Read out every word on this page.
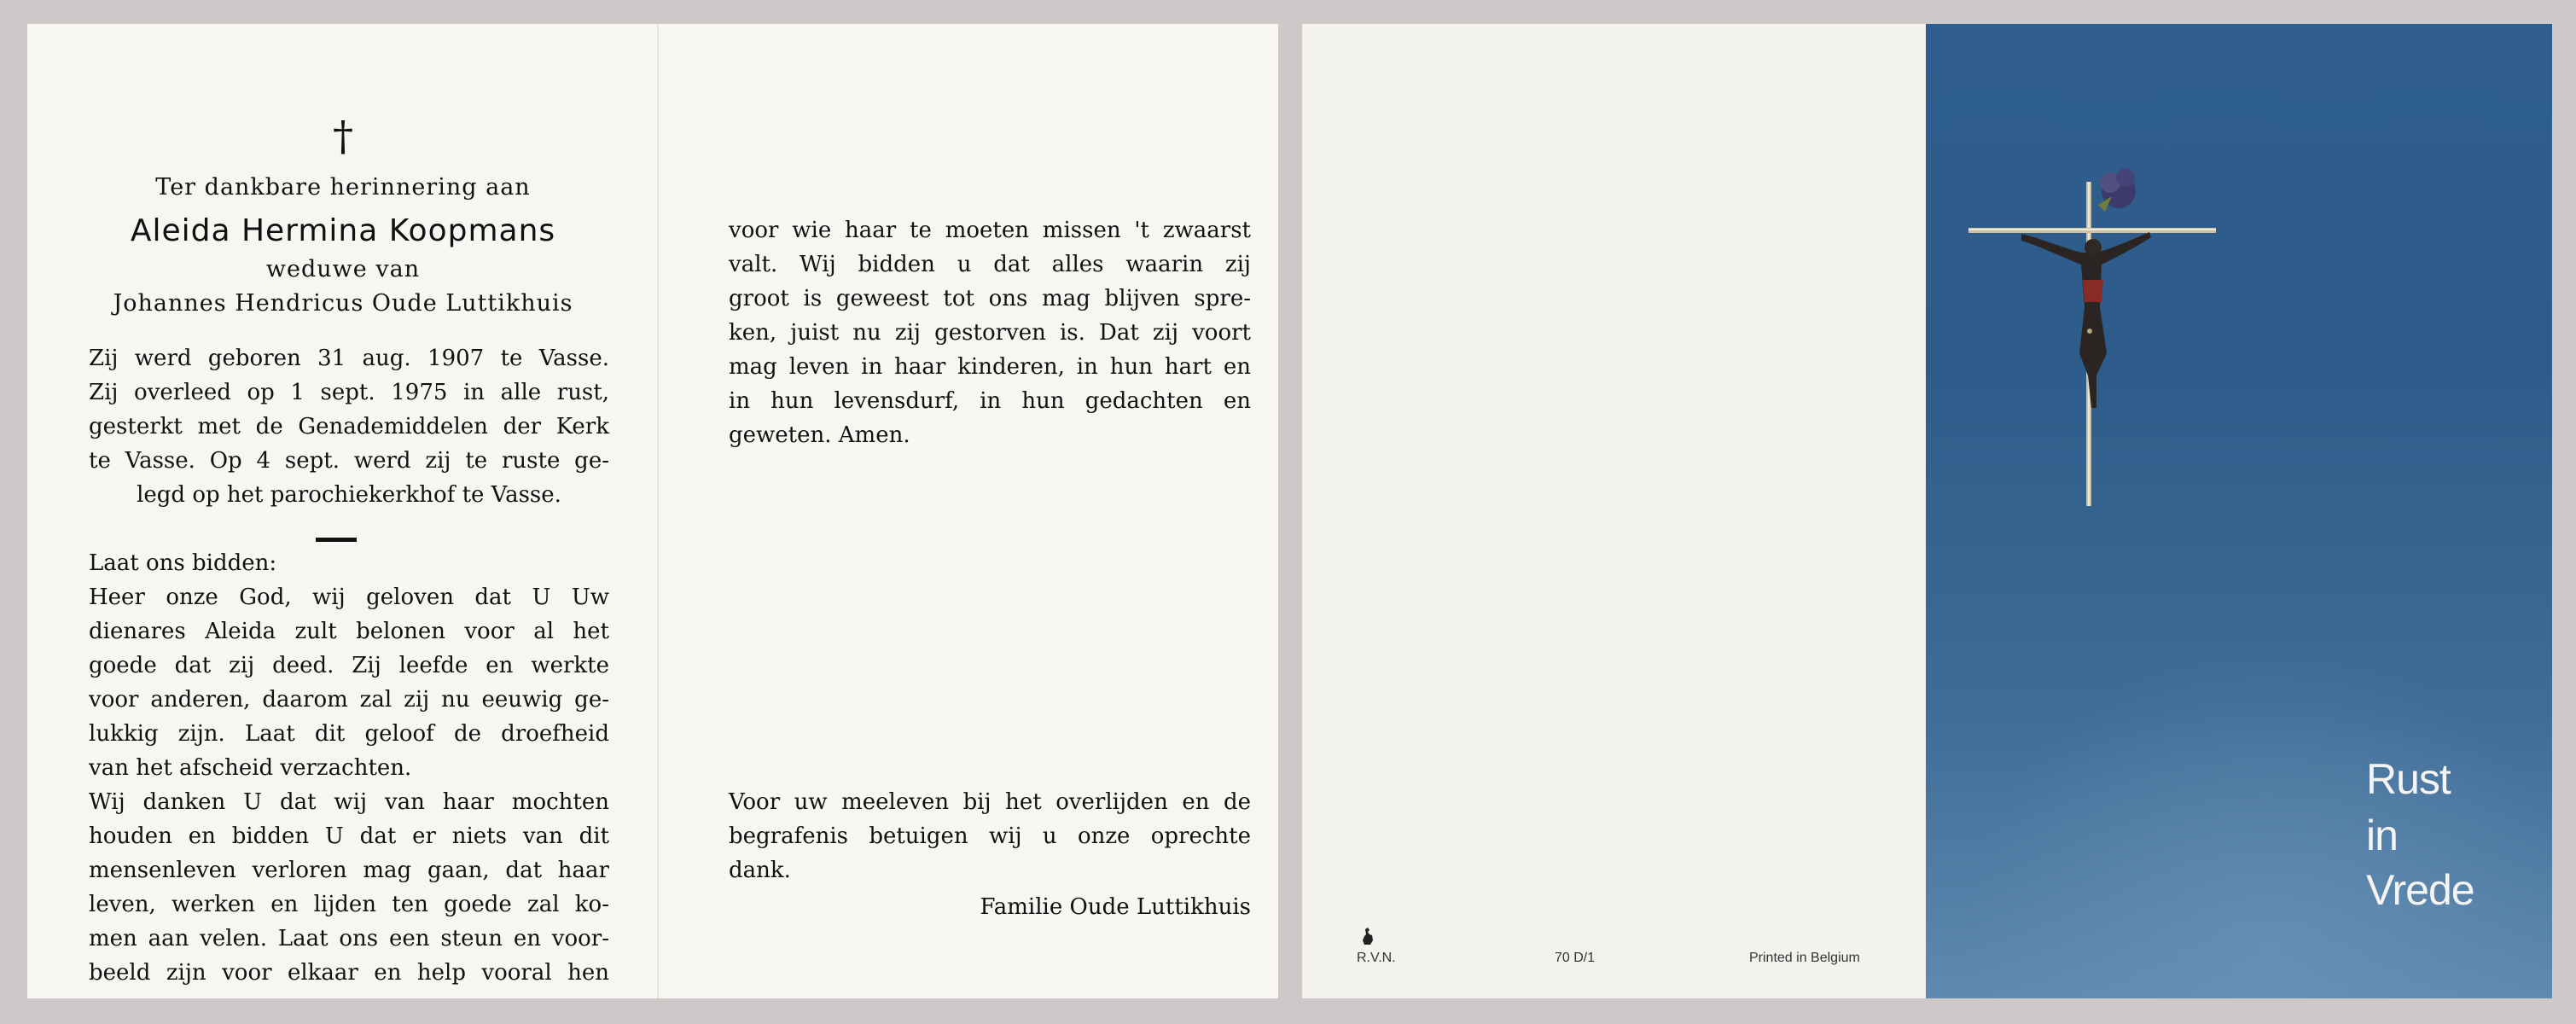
†
Ter dankbare herinnering aan
Aleida Hermina Koopmans
weduwe van
Johannes Hendricus Oude Luttikhuis

Zij werd geboren 31 aug. 1907 te Vasse.
Zij overleed op 1 sept. 1975 in alle rust,
gesterkt met de Genademiddelen der Kerk
te Vasse. Op 4 sept. werd zij te ruste ge-
legd op het parochiekerkhof te Vasse.

Laat ons bidden:
Heer onze God, wij geloven dat U Uw
dienares Aleida zult belonen voor al het
goede dat zij deed. Zij leefde en werkte
voor anderen, daarom zal zij nu eeuwig ge-
lukkig zijn. Laat dit geloof de droefheid
van het afscheid verzachten.
Wij danken U dat wij van haar mochten
houden en bidden U dat er niets van dit
mensenleven verloren mag gaan, dat haar
leven, werken en lijden ten goede zal ko-
men aan velen. Laat ons een steun en voor-
beeld zijn voor elkaar en help vooral hen

voor wie haar te moeten missen 't zwaarst
valt. Wij bidden u dat alles waarin zij
groot is geweest tot ons mag blijven spre-
ken, juist nu zij gestorven is. Dat zij voort
mag leven in haar kinderen, in hun hart en
in hun levensdurf, in hun gedachten en
geweten. Amen.

Voor uw meeleven bij het overlijden en de
begrafenis betuigen wij u onze oprechte
dank.

Familie Oude Luttikhuis
R.V.N.	70 D/1	Printed in Belgium
Rust
in
Vrede
